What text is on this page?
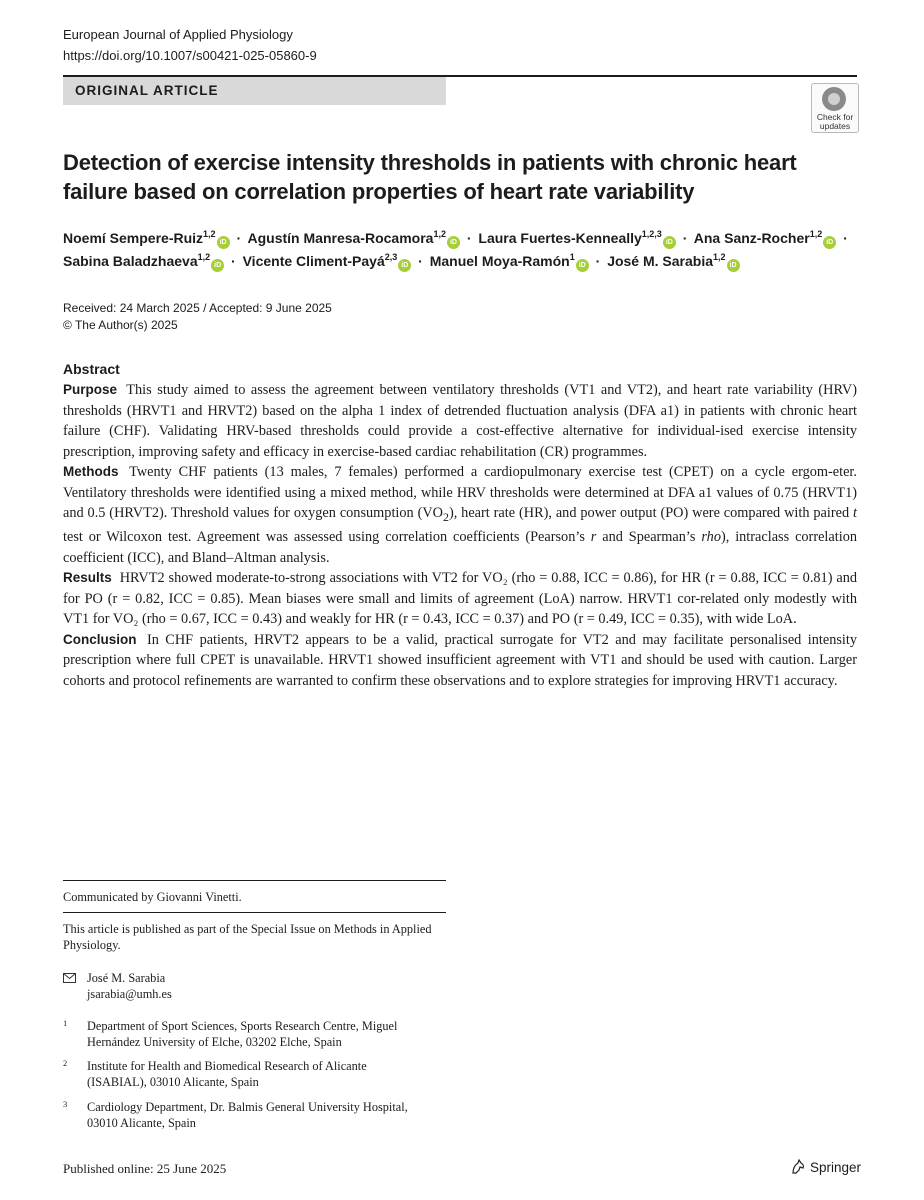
European Journal of Applied Physiology
https://doi.org/10.1007/s00421-025-05860-9
ORIGINAL ARTICLE
Check for
updates
Detection of exercise intensity thresholds in patients with chronic heart failure based on correlation properties of heart rate variability
Noemí Sempere-Ruiz$^{1,2}$iD · Agustín Manresa-Rocamora$^{1,2}$iD · Laura Fuertes-Kenneally$^{1,2,3}$iD · Ana Sanz-Rocher$^{1,2}$iD ·
Sabina Baladzhaeva$^{1,2}$iD · Vicente Climent-Payá$^{2,3}$iD · Manuel Moya-Ramón$^1$iD · José M. Sarabia$^{1,2}$iD
Received: 24 March 2025 / Accepted: 9 June 2025
© The Author(s) 2025
Abstract

Purpose This study aimed to assess the agreement between ventilatory thresholds (VT1 and VT2), and heart rate variability (HRV) thresholds (HRVT1 and HRVT2) based on the alpha 1 index of detrended fluctuation analysis (DFA a1) in patients with chronic heart failure (CHF). Validating HRV-based thresholds could provide a cost-effective alternative for individual-ised exercise intensity prescription, improving safety and efficacy in exercise-based cardiac rehabilitation (CR) programmes.

Methods Twenty CHF patients (13 males, 7 females) performed a cardiopulmonary exercise test (CPET) on a cycle ergom-eter. Ventilatory thresholds were identified using a mixed method, while HRV thresholds were determined at DFA a1 values of 0.75 (HRVT1) and 0.5 (HRVT2). Threshold values for oxygen consumption $(VO_2)$, heart rate (HR), and power output (PO) were compared with paired t test or Wilcoxon test. Agreement was assessed using correlation coefficients (Pearson’s r and Spearman’s rho), intraclass correlation coefficient (ICC), and Bland–Altman analysis.

Results HRVT2 showed moderate-to-strong associations with VT2 for VO₂ (rho = 0.88, ICC = 0.86), for HR (r = 0.88, ICC = 0.81) and for PO (r = 0.82, ICC = 0.85). Mean biases were small and limits of agreement (LoA) narrow. HRVT1 cor-related only modestly with VT1 for VO₂ (rho = 0.67, ICC = 0.43) and weakly for HR (r = 0.43, ICC = 0.37) and PO (r = 0.49, ICC = 0.35), with wide LoA.

Conclusion In CHF patients, HRVT2 appears to be a valid, practical surrogate for VT2 and may facilitate personalised intensity prescription where full CPET is unavailable. HRVT1 showed insufficient agreement with VT1 and should be used with caution. Larger cohorts and protocol refinements are warranted to confirm these observations and to explore strategies for improving HRVT1 accuracy.

Communicated by Giovanni Vinetti.
This article is published as part of the Special Issue on Methods in Applied Physiology.
José M. Sarabia
jsarabia@umh.es
1 Department of Sport Sciences, Sports Research Centre, Miguel Hernández University of Elche, 03202 Elche, Spain
2 Institute for Health and Biomedical Research of Alicante (ISABIAL), 03010 Alicante, Spain
3 Cardiology Department, Dr. Balmis General University Hospital, 03010 Alicante, Spain
Published online: 25 June 2025	Springer
